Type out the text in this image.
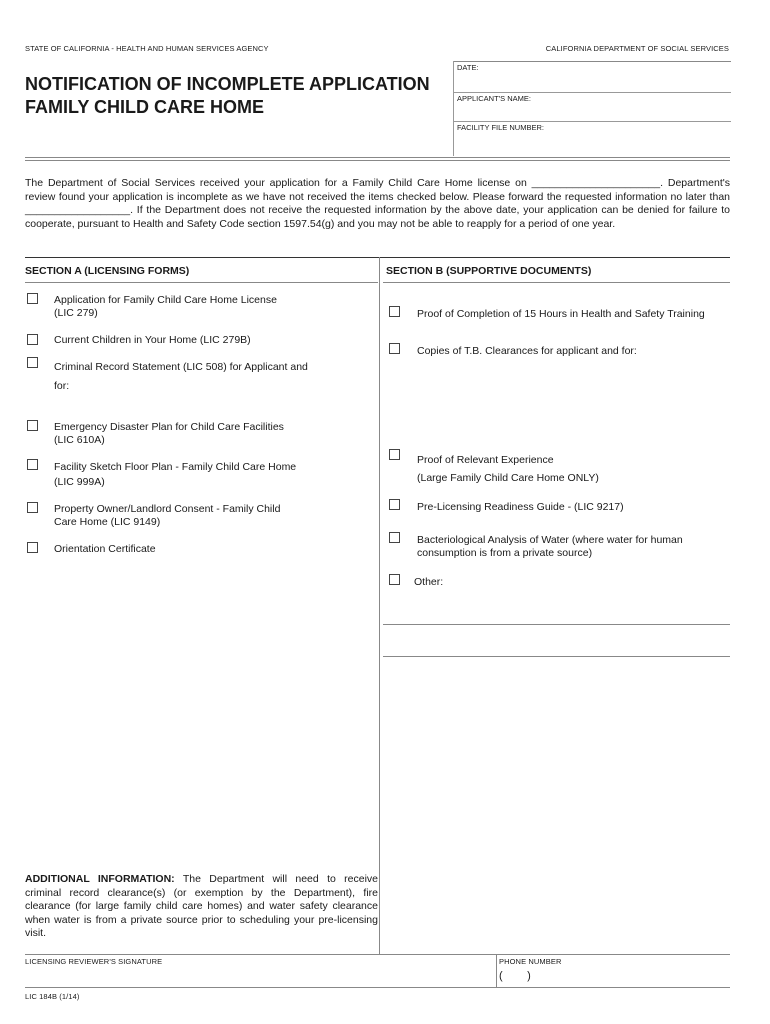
STATE OF CALIFORNIA - HEALTH AND HUMAN SERVICES AGENCY	CALIFORNIA DEPARTMENT OF SOCIAL SERVICES
NOTIFICATION OF INCOMPLETE APPLICATION
FAMILY CHILD CARE HOME
DATE:
APPLICANT'S NAME:
FACILITY FILE NUMBER:
The Department of Social Services received your application for a Family Child Care Home license on ______________________. Department's review found your application is incomplete as we have not received the items checked below. Please forward the requested information no later than __________________. If the Department does not receive the requested information by the above date, your application can be denied for failure to cooperate, pursuant to Health and Safety Code section 1597.54(g) and you may not be able to reapply for a period of one year.
SECTION A (LICENSING FORMS)	SECTION B (SUPPORTIVE DOCUMENTS)
Application for Family Child Care Home License
(LIC 279)
Current Children in Your Home (LIC 279B)
Criminal Record Statement (LIC 508) for Applicant and
for:
Emergency Disaster Plan for Child Care Facilities
(LIC 610A)
Facility Sketch Floor Plan - Family Child Care Home
(LIC 999A)
Property Owner/Landlord Consent - Family Child
Care Home (LIC 9149)
Orientation Certificate
Proof of Completion of 15 Hours in Health and Safety Training
Copies of T.B. Clearances for applicant and for:
Proof of Relevant Experience
(Large Family Child Care Home ONLY)
Pre-Licensing Readiness Guide - (LIC 9217)
Bacteriological Analysis of Water (where water for human
consumption is from a private source)
Other:
ADDITIONAL INFORMATION: The Department will need to receive criminal record clearance(s) (or exemption by the Department), fire clearance (for large family child care homes) and water safety clearance when water is from a private source prior to scheduling your pre-licensing visit.
LICENSING REVIEWER'S SIGNATURE	PHONE NUMBER
(        )
LIC 184B (1/14)
